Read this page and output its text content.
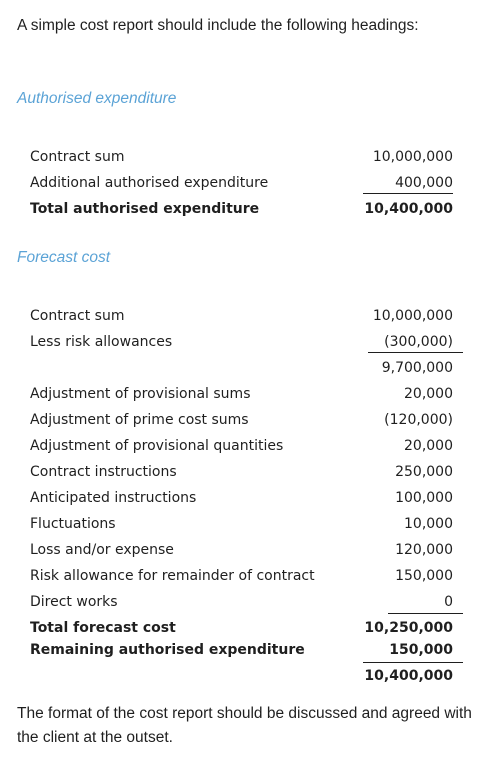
A simple cost report should include the following headings:
Authorised expenditure
Contract sum	10,000,000
Additional authorised expenditure	400,000
Total authorised expenditure	10,400,000
Forecast cost
Contract sum	10,000,000
Less risk allowances	(300,000)
9,700,000
Adjustment of provisional sums	20,000
Adjustment of prime cost sums	(120,000)
Adjustment of provisional quantities	20,000
Contract instructions	250,000
Anticipated instructions	100,000
Fluctuations	10,000
Loss and/or expense	120,000
Risk allowance for remainder of contract	150,000
Direct works	0
Total forecast cost	10,250,000
Remaining authorised expenditure	150,000
10,400,000
The format of the cost report should be discussed and agreed with the client at the outset.
